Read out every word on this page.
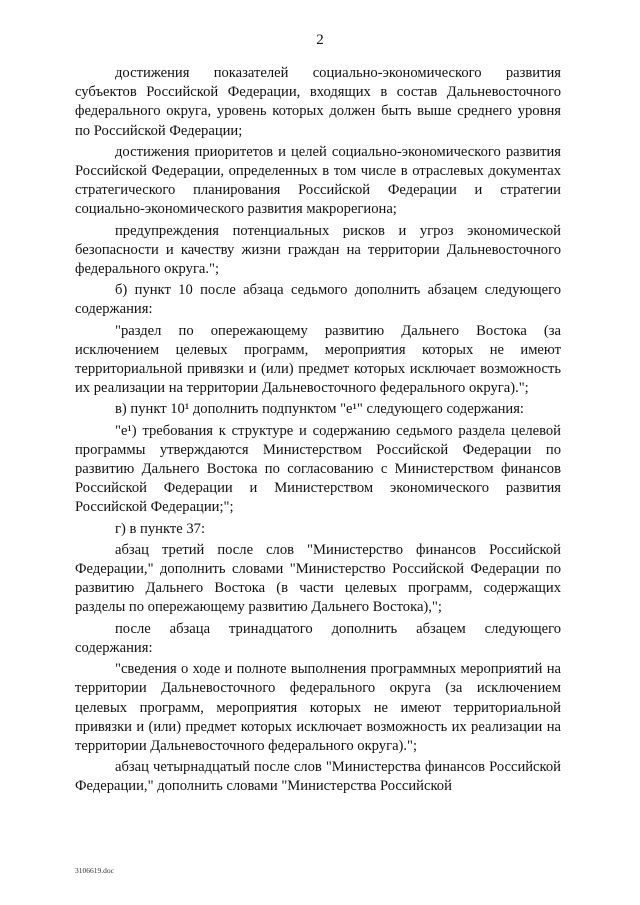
2

достижения показателей социально-экономического развития субъектов Российской Федерации, входящих в состав Дальневосточного федерального округа, уровень которых должен быть выше среднего уровня по Российской Федерации;

достижения приоритетов и целей социально-экономического развития Российской Федерации, определенных в том числе в отраслевых документах стратегического планирования Российской Федерации и стратегии социально-экономического развития макрорегиона;

предупреждения потенциальных рисков и угроз экономической безопасности и качеству жизни граждан на территории Дальневосточного федерального округа.";

б) пункт 10 после абзаца седьмого дополнить абзацем следующего содержания:

"раздел по опережающему развитию Дальнего Востока (за исключением целевых программ, мероприятия которых не имеют территориальной привязки и (или) предмет которых исключает возможность их реализации на территории Дальневосточного федерального округа).";

в) пункт 10¹ дополнить подпунктом "е¹" следующего содержания:

"е¹) требования к структуре и содержанию седьмого раздела целевой программы утверждаются Министерством Российской Федерации по развитию Дальнего Востока по согласованию с Министерством финансов Российской Федерации и Министерством экономического развития Российской Федерации;";

г) в пункте 37:

абзац третий после слов "Министерство финансов Российской Федерации," дополнить словами "Министерство Российской Федерации по развитию Дальнего Востока (в части целевых программ, содержащих разделы по опережающему развитию Дальнего Востока),";

после абзаца тринадцатого дополнить абзацем следующего содержания:

"сведения о ходе и полноте выполнения программных мероприятий на территории Дальневосточного федерального округа (за исключением целевых программ, мероприятия которых не имеют территориальной привязки и (или) предмет которых исключает возможность их реализации на территории Дальневосточного федерального округа).";

абзац четырнадцатый после слов "Министерства финансов Российской Федерации," дополнить словами "Министерства Российской

3106619.doc
